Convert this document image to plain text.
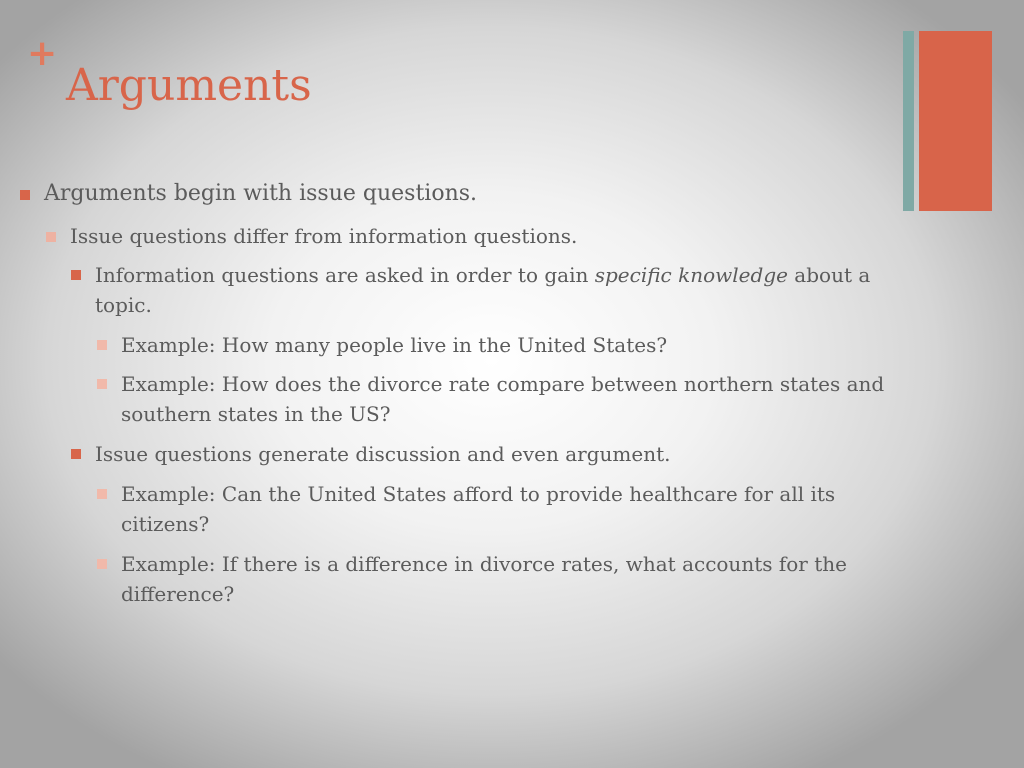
+
Arguments
Arguments begin with issue questions.
Issue questions differ from information questions.
Information questions are asked in order to gain specific knowledge about a
topic.
Example: How many people live in the United States?
Example: How does the divorce rate compare between northern states and
southern states in the US?
Issue questions generate discussion and even argument.
Example: Can the United States afford to provide healthcare for all its
citizens?
Example: If there is a difference in divorce rates, what accounts for the
difference?
